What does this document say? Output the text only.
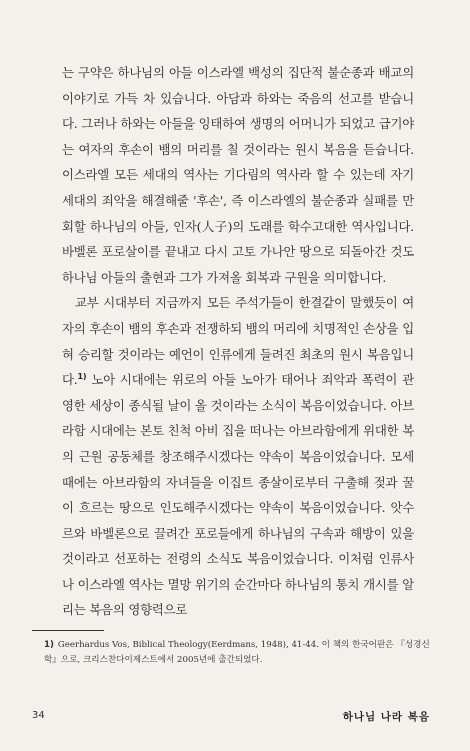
는 구약은 하나님의 아들 이스라엘 백성의 집단적 불순종과 배교의 이야기로 가득 차 있습니다. 아담과 하와는 죽음의 선고를 받습니다. 그러나 하와는 아들을 잉태하여 생명의 어머니가 되었고 급기야는 여자의 후손이 뱀의 머리를 칠 것이라는 원시 복음을 듣습니다. 이스라엘 모든 세대의 역사는 기다림의 역사라 할 수 있는데 자기 세대의 죄악을 해결해줄 '후손', 즉 이스라엘의 불순종과 실패를 만회할 하나님의 아들, 인자(人子)의 도래를 학수고대한 역사입니다. 바벨론 포로살이를 끝내고 다시 고토 가나안 땅으로 되돌아간 것도 하나님 아들의 출현과 그가 가져올 회복과 구원을 의미합니다.

교부 시대부터 지금까지 모든 주석가들이 한결같이 말했듯이 여자의 후손이 뱀의 후손과 전쟁하되 뱀의 머리에 치명적인 손상을 입혀 승리할 것이라는 예언이 인류에게 들려진 최초의 원시 복음입니다.$^{1)}$ 노아 시대에는 위로의 아들 노아가 태어나 죄악과 폭력이 관영한 세상이 종식될 날이 올 것이라는 소식이 복음이었습니다. 아브라함 시대에는 본토 친척 아비 집을 떠나는 아브라함에게 위대한 복의 근원 공동체를 창조해주시겠다는 약속이 복음이었습니다. 모세 때에는 아브라함의 자녀들을 이집트 종살이로부터 구출해 젖과 꿀이 흐르는 땅으로 인도해주시겠다는 약속이 복음이었습니다. 앗수르와 바벨론으로 끌려간 포로들에게 하나님의 구속과 해방이 있을 것이라고 선포하는 전령의 소식도 복음이었습니다. 이처럼 인류사나 이스라엘 역사는 멸망 위기의 순간마다 하나님의 통치 개시를 알리는 복음의 영향력으로

1) Geerhardus Vos, Biblical Theology(Eerdmans, 1948), 41-44. 이 책의 한국어판은 『성경신학』으로, 크리스찬다이제스트에서 2005년에 출간되었다.
34	하나님 나라 복음
